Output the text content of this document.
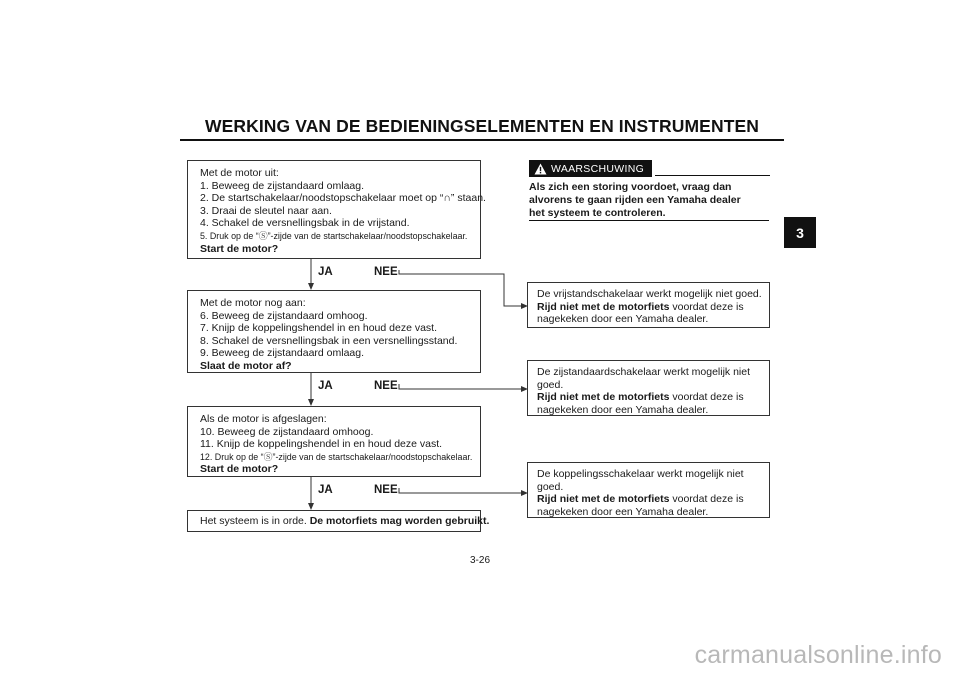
WERKING VAN DE BEDIENINGSELEMENTEN EN INSTRUMENTEN
3
Met de motor uit:
1. Beweeg de zijstandaard omlaag.
2. De startschakelaar/noodstopschakelaar moet op “∩” staan.
3. Draai de sleutel naar aan.
4. Schakel de versnellingsbak in de vrijstand.
5. Druk op de “Ⓢ”-zijde van de startschakelaar/noodstopschakelaar.
Start de motor?
JA	NEE
Met de motor nog aan:
6. Beweeg de zijstandaard omhoog.
7. Knijp de koppelingshendel in en houd deze vast.
8. Schakel de versnellingsbak in een versnellingsstand.
9. Beweeg de zijstandaard omlaag.
Slaat de motor af?
JA	NEE
Als de motor is afgeslagen:
10. Beweeg de zijstandaard omhoog.
11. Knijp de koppelingshendel in en houd deze vast.
12. Druk op de “Ⓢ”-zijde van de startschakelaar/noodstopschakelaar.
Start de motor?
JA	NEE
Het systeem is in orde. De motorfiets mag worden gebruikt.
WAARSCHUWING
Als zich een storing voordoet, vraag dan
alvorens te gaan rijden een Yamaha dealer
het systeem te controleren.
De vrijstandschakelaar werkt mogelijk niet goed.
Rijd niet met de motorfiets voordat deze is
nagekeken door een Yamaha dealer.
De zijstandaardschakelaar werkt mogelijk niet
goed.
Rijd niet met de motorfiets voordat deze is
nagekeken door een Yamaha dealer.
De koppelingsschakelaar werkt mogelijk niet
goed.
Rijd niet met de motorfiets voordat deze is
nagekeken door een Yamaha dealer.
3-26
carmanualsonline.info
